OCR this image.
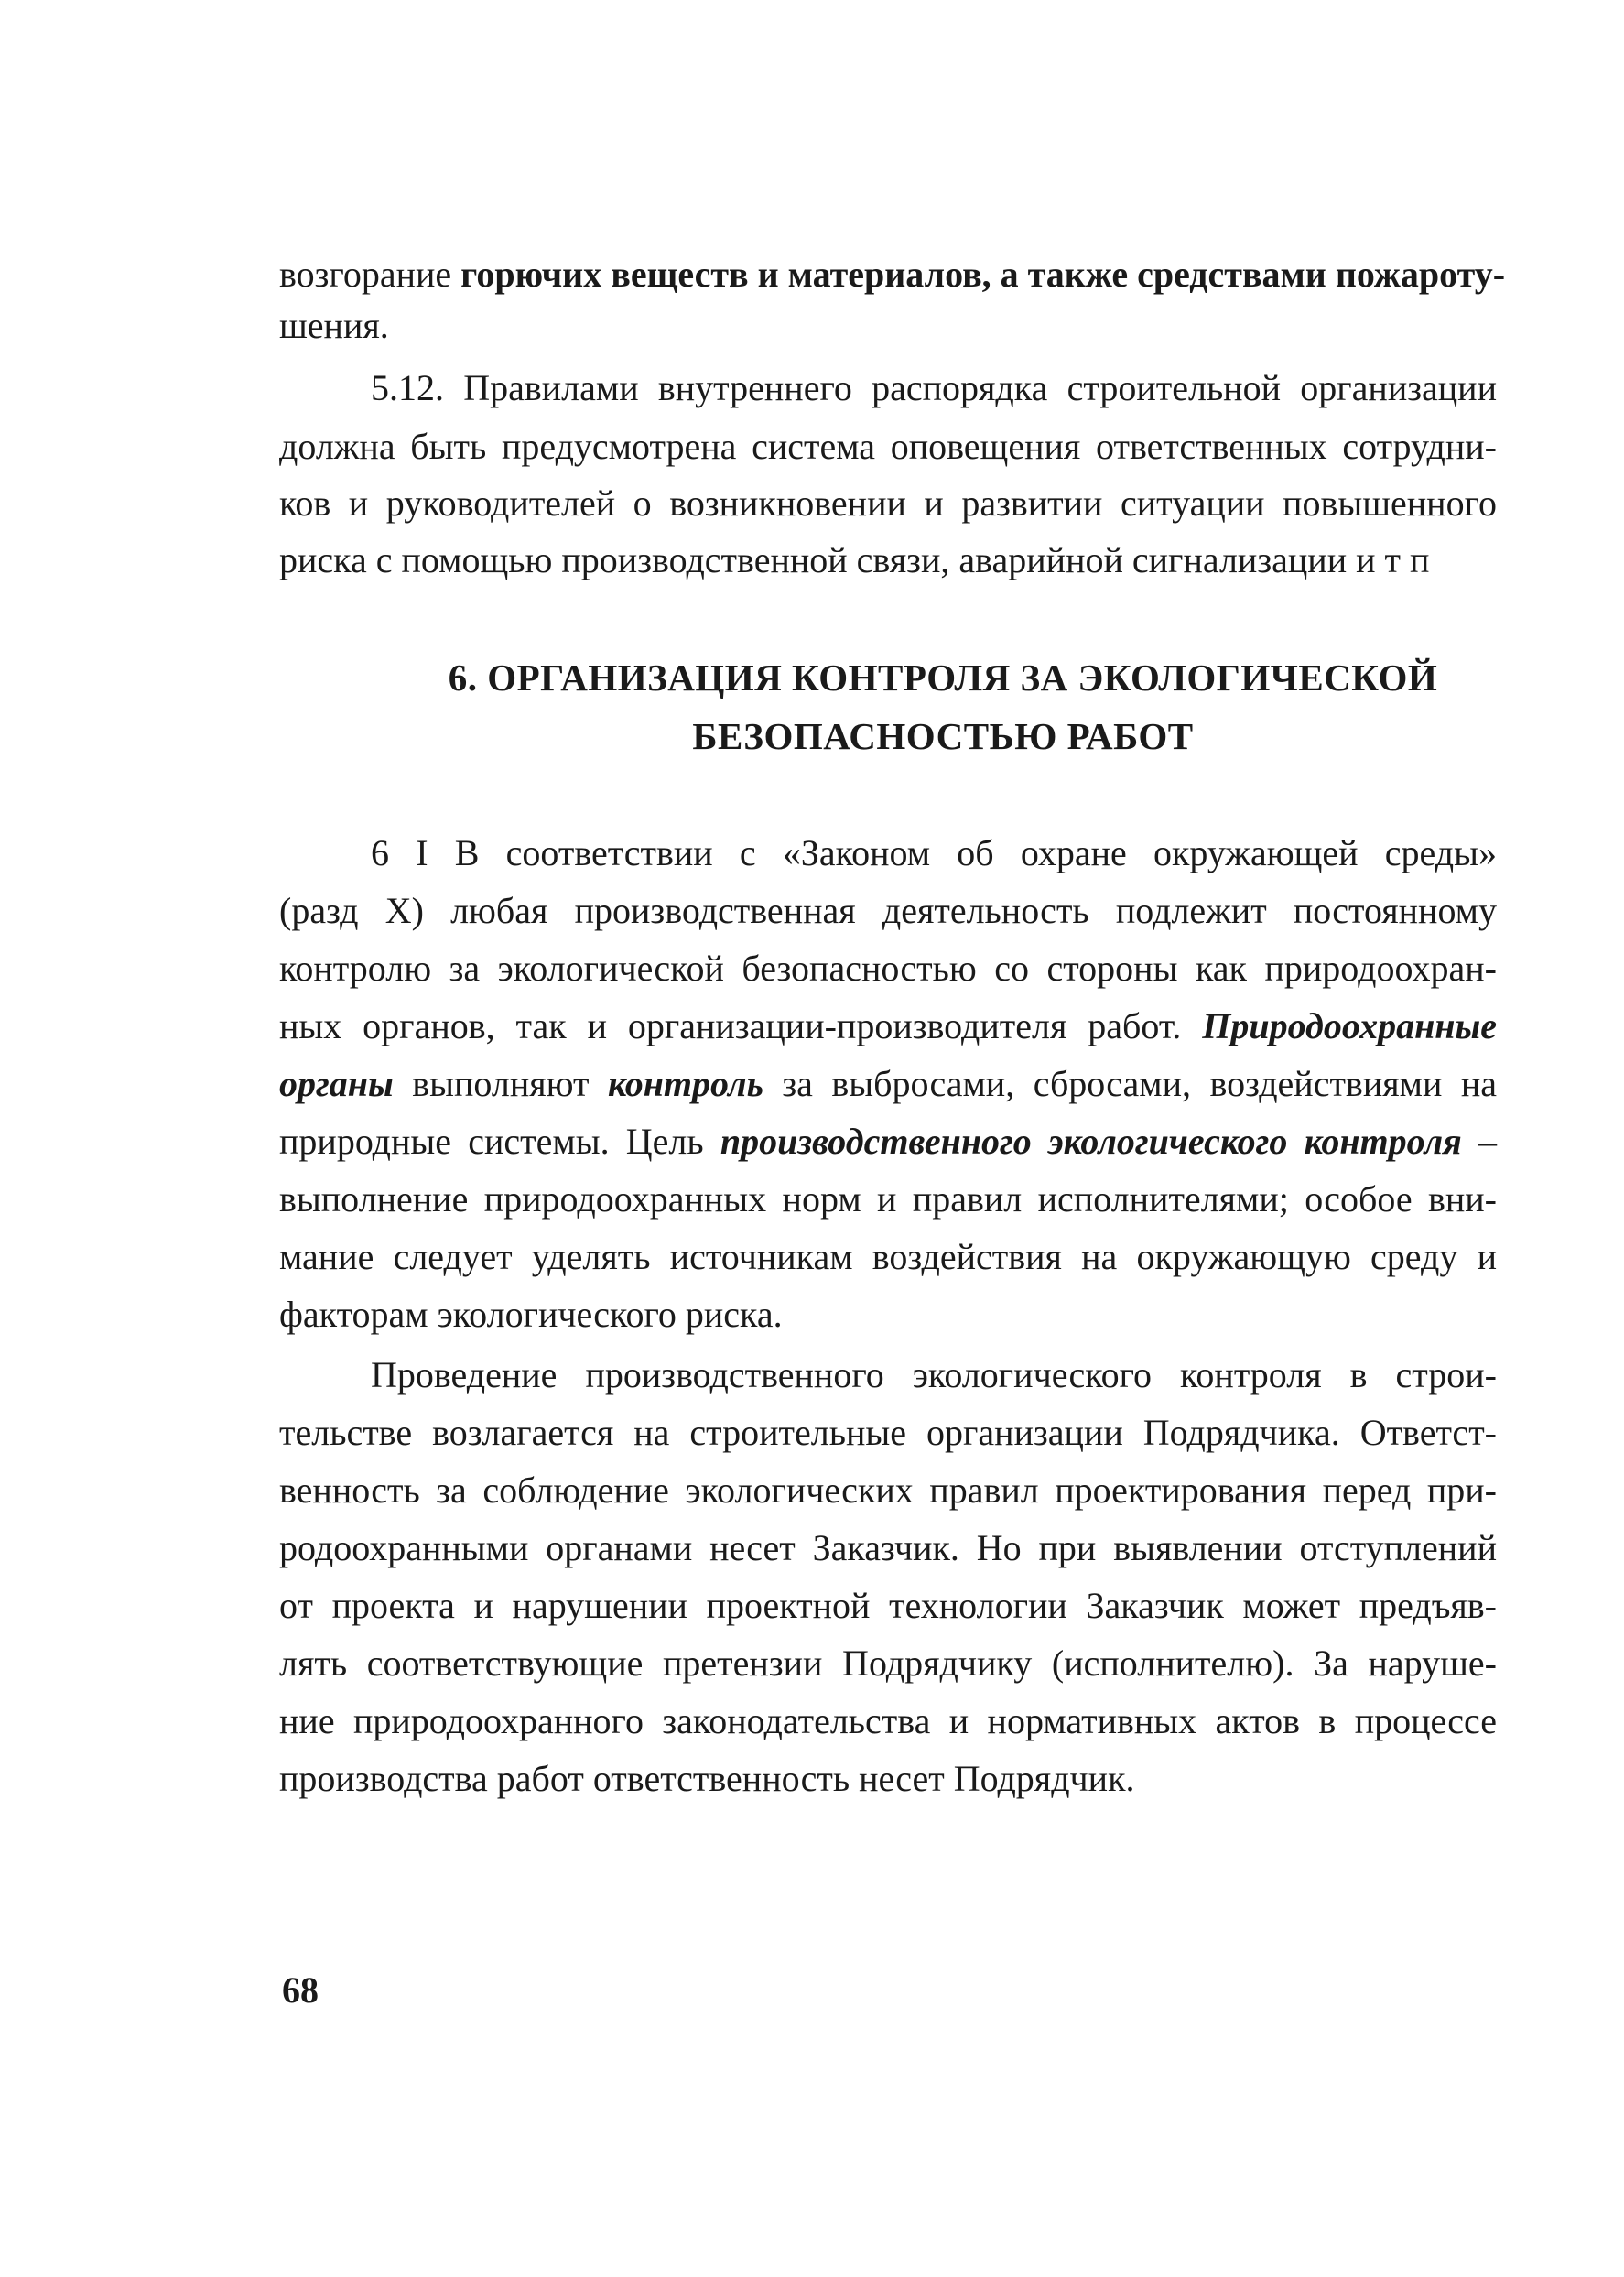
возгорание горючих веществ и материалов, а также средствами пожароту-
шения.
5.12. Правилами внутреннего распорядка строительной организации
должна быть предусмотрена система оповещения ответственных сотрудни-
ков и руководителей о возникновении и развитии ситуации повышенного
риска с помощью производственной связи, аварийной сигнализации и т п
6. ОРГАНИЗАЦИЯ КОНТРОЛЯ ЗА ЭКОЛОГИЧЕСКОЙ
БЕЗОПАСНОСТЬЮ РАБОТ
6 І В соответствии с «Законом об охране окружающей среды»
(разд X) любая производственная деятельность подлежит постоянному
контролю за экологической безопасностью со стороны как природоохран-
ных органов, так и организации-производителя работ. Природоохранные
органы выполняют контроль за выбросами, сбросами, воздействиями на
природные системы. Цель производственного экологического контроля –
выполнение природоохранных норм и правил исполнителями; особое вни-
мание следует уделять источникам воздействия на окружающую среду и
факторам экологического риска.
Проведение производственного экологического контроля в строи-
тельстве возлагается на строительные организации Подрядчика. Ответст-
венность за соблюдение экологических правил проектирования перед при-
родоохранными органами несет Заказчик. Но при выявлении отступлений
от проекта и нарушении проектной технологии Заказчик может предъяв-
лять соответствующие претензии Подрядчику (исполнителю). За наруше-
ние природоохранного законодательства и нормативных актов в процессе
производства работ ответственность несет Подрядчик.
68
